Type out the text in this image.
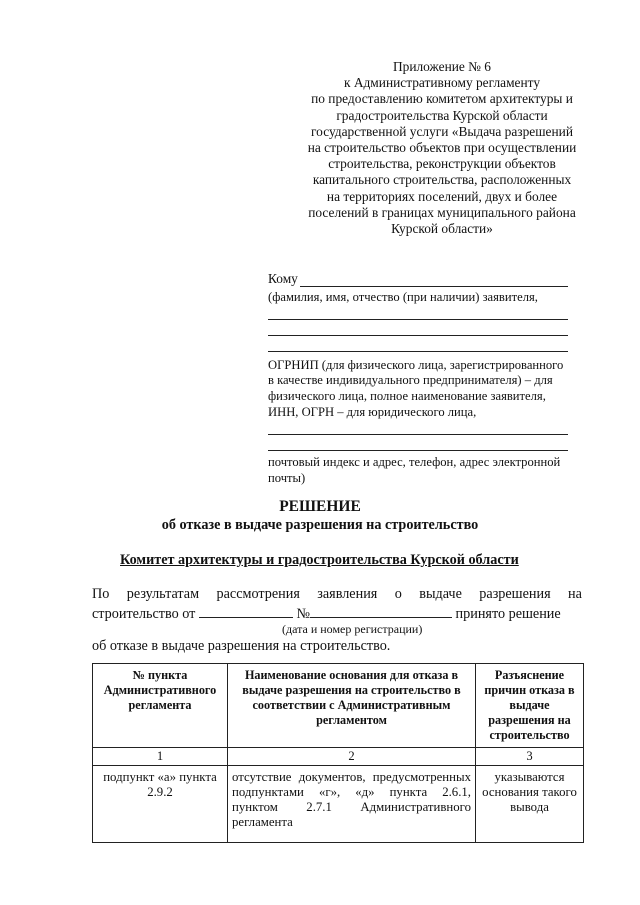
Приложение № 6
к Административному регламенту
по предоставлению комитетом архитектуры и
градостроительства Курской области
государственной услуги «Выдача разрешений
на строительство объектов при осуществлении
строительства, реконструкции объектов
капитального строительства, расположенных
на территориях поселений, двух и более
поселений в границах муниципального района
Курской области»
Кому

(фамилия, имя, отчество (при наличии) заявителя,

ОГРНИП (для физического лица, зарегистрированного

в качестве индивидуального предпринимателя) – для

физического лица, полное наименование заявителя,

ИНН, ОГРН – для юридического лица,

почтовый индекс и адрес, телефон, адрес электронной

почты)

РЕШЕНИЕ
об отказе в выдаче разрешения на строительство
Комитет архитектуры и градостроительства Курской области
По результатам рассмотрения заявления о выдаче разрешения на
строительство от	№	принято решение
(дата и номер регистрации)
об отказе в выдаче разрешения на строительство.
№ пункта Административного регламента	Наименование основания для отказа в выдаче разрешения на строительство в соответствии с Административным регламентом	Разъяснение причин отказа в выдаче разрешения на строительство
1	2	3
подпункт «а» пункта 2.9.2	отсутствие документов, предусмотренных подпунктами «г», «д» пункта 2.6.1, пунктом 2.7.1 Административного регламента	указываются основания такого вывода
